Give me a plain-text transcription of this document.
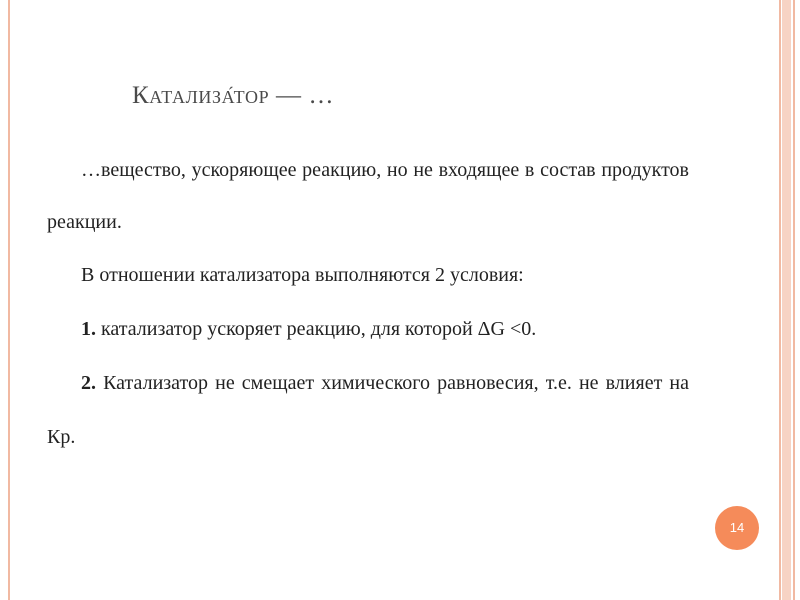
Катализа́тор — …

…вещество, ускоряющее реакцию, но не входящее в состав продуктов реакции.

В отношении катализатора выполняются 2 условия:

1. катализатор ускоряет реакцию, для которой ΔG <0.

2. Катализатор не смещает химического равновесия, т.е. не влияет на Кр.

14
